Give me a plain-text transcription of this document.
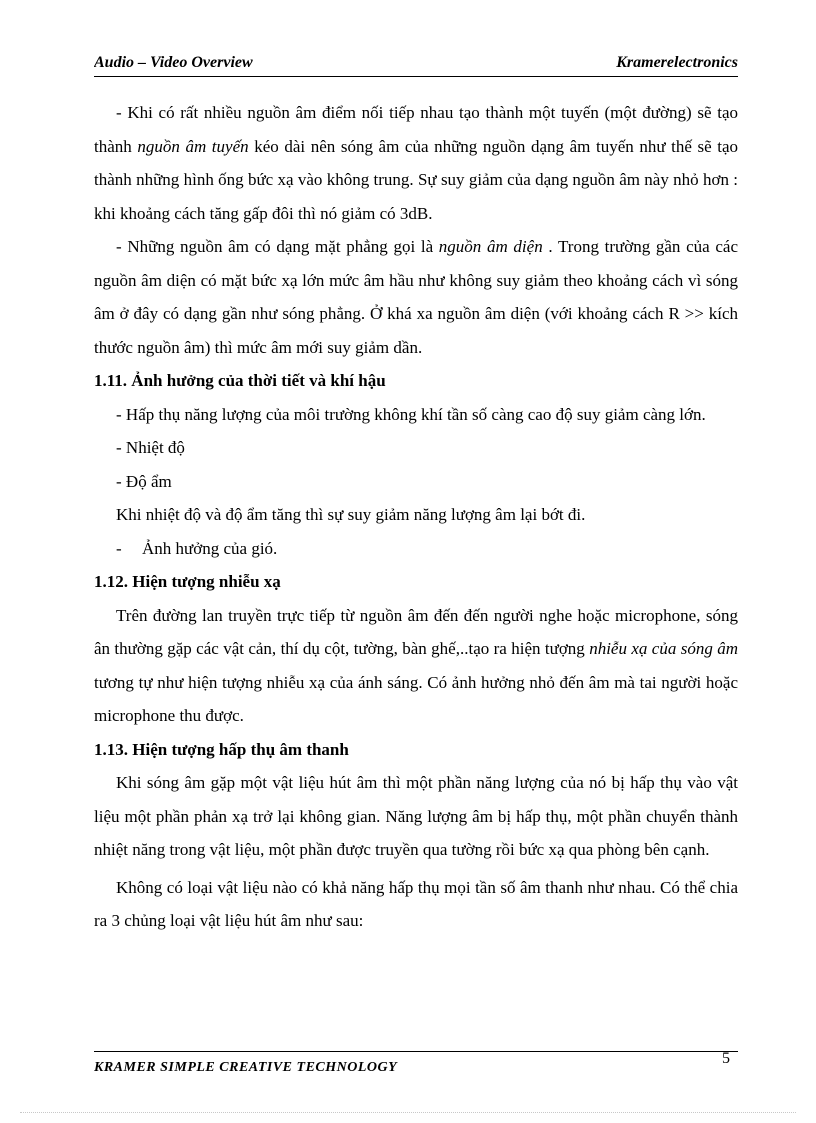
Audio – Video Overview	Kramerelectronics

- Khi có rất nhiều nguồn âm điểm nối tiếp nhau tạo thành một tuyến (một đường) sẽ tạo thành nguồn âm tuyến kéo dài nên sóng âm của những nguồn dạng âm tuyến như thế sẽ tạo thành những hình ống bức xạ vào không trung. Sự suy giảm của dạng nguồn âm này nhỏ hơn : khi khoảng cách tăng gấp đôi thì nó giảm có 3dB.

- Những nguồn âm có dạng mặt phẳng gọi là nguồn âm diện . Trong trường gần của các nguồn âm diện có mặt bức xạ lớn mức âm hầu như không suy giảm theo khoảng cách vì sóng âm ở đây có dạng gần như sóng phẳng. Ở khá xa nguồn âm diện (với khoảng cách R >> kích thước nguồn âm) thì mức âm mới suy giảm dần.

1.11. Ảnh hưởng của thời tiết và khí hậu

- Hấp thụ năng lượng của môi trường không khí tần số càng cao độ suy giảm càng lớn.

- Nhiệt độ

- Độ ẩm

Khi nhiệt độ và độ ẩm tăng thì sự suy giảm năng lượng âm lại bớt đi.

- Ảnh hưởng của gió.

1.12. Hiện tượng nhiễu xạ

Trên đường lan truyền trực tiếp từ nguồn âm đến đến người nghe hoặc microphone, sóng ân thường gặp các vật cản, thí dụ cột, tường, bàn ghế,..tạo ra hiện tượng nhiễu xạ của sóng âm tương tự như hiện tượng nhiễu xạ của ánh sáng. Có ảnh hưởng nhỏ đến âm mà tai người hoặc microphone thu được.

1.13. Hiện tượng hấp thụ âm thanh

Khi sóng âm gặp một vật liệu hút âm thì một phần năng lượng của nó bị hấp thụ vào vật liệu một phần phản xạ trở lại không gian. Năng lượng âm bị hấp thụ, một phần chuyển thành nhiệt năng trong vật liệu, một phần được truyền qua tường rồi bức xạ qua phòng bên cạnh.

Không có loại vật liệu nào có khả năng hấp thụ mọi tần số âm thanh như nhau. Có thể chia ra 3 chủng loại vật liệu hút âm như sau:

KRAMER SIMPLE CREATIVE TECHNOLOGY
5
